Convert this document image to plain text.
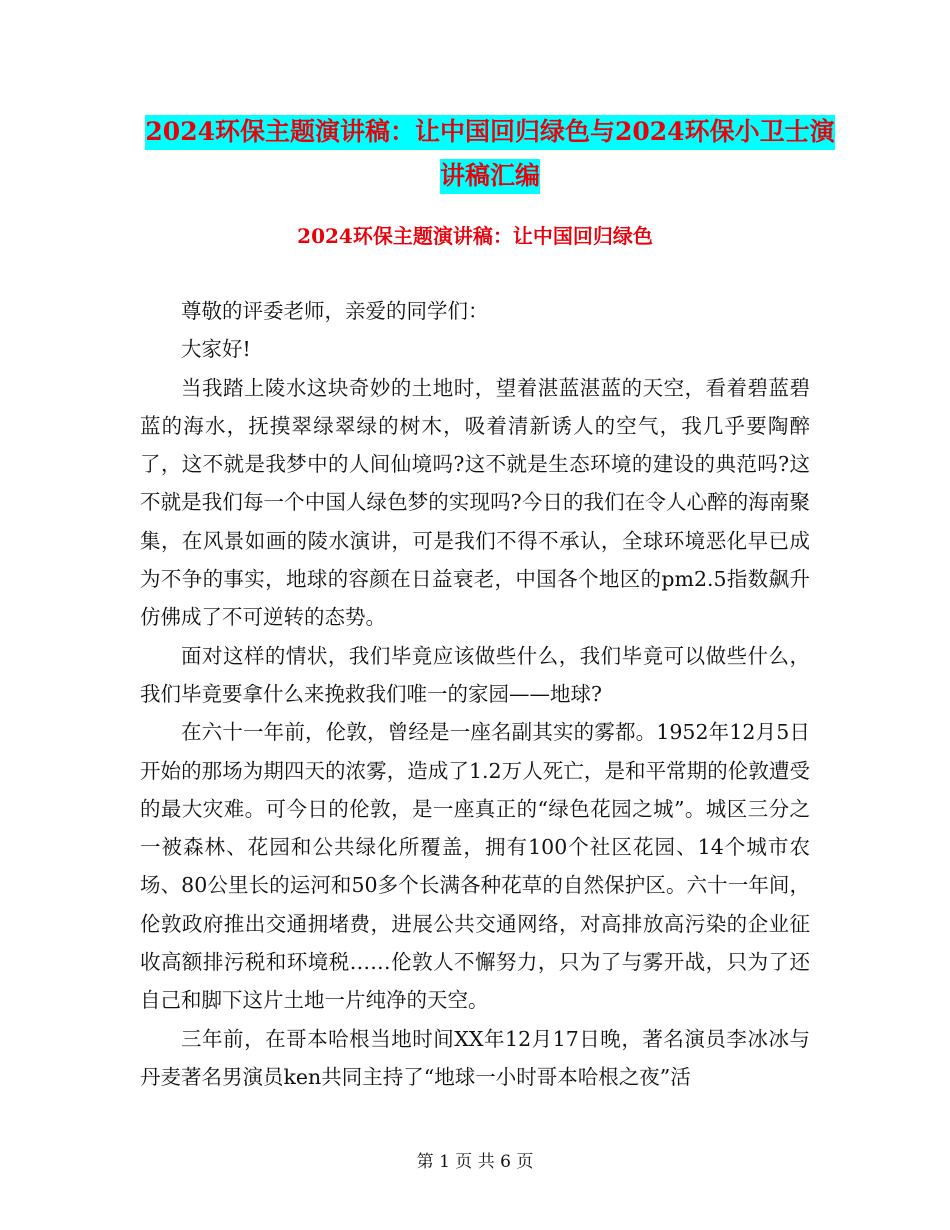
2024环保主题演讲稿：让中国回归绿色与2024环保小卫士演讲稿汇编
2024环保主题演讲稿：让中国回归绿色

尊敬的评委老师，亲爱的同学们：

大家好!

当我踏上陵水这块奇妙的土地时，望着湛蓝湛蓝的天空，看着碧蓝碧蓝的海水，抚摸翠绿翠绿的树木，吸着清新诱人的空气，我几乎要陶醉了，这不就是我梦中的人间仙境吗?这不就是生态环境的建设的典范吗?这不就是我们每一个中国人绿色梦的实现吗?今日的我们在令人心醉的海南聚集，在风景如画的陵水演讲，可是我们不得不承认，全球环境恶化早已成为不争的事实，地球的容颜在日益衰老，中国各个地区的pm2.5指数飙升仿佛成了不可逆转的态势。

面对这样的情状，我们毕竟应该做些什么，我们毕竟可以做些什么，我们毕竟要拿什么来挽救我们唯一的家园——地球?

在六十一年前，伦敦，曾经是一座名副其实的雾都。1952年12月5日开始的那场为期四天的浓雾，造成了1.2万人死亡，是和平常期的伦敦遭受的最大灾难。可今日的伦敦，是一座真正的“绿色花园之城”。城区三分之一被森林、花园和公共绿化所覆盖，拥有100个社区花园、14个城市农场、80公里长的运河和50多个长满各种花草的自然保护区。六十一年间，伦敦政府推出交通拥堵费，进展公共交通网络，对高排放高污染的企业征收高额排污税和环境税……伦敦人不懈努力，只为了与雾开战，只为了还自己和脚下这片土地一片纯净的天空。

三年前，在哥本哈根当地时间XX年12月17日晚，著名演员李冰冰与丹麦著名男演员ken共同主持了“地球一小时哥本哈根之夜”活

第 1 页 共 6 页
